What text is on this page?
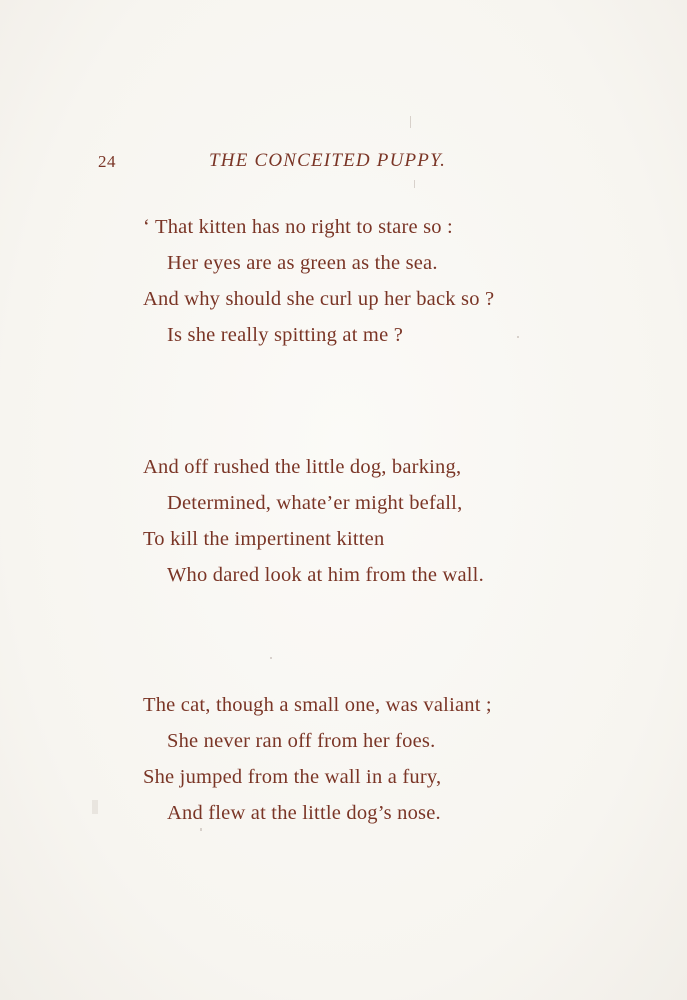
24	THE CONCEITED PUPPY.
‘ That kitten has no right to stare so :
Her eyes are as green as the sea.
And why should she curl up her back so ?
Is she really spitting at me ?
And off rushed the little dog, barking,
Determined, whate’er might befall,
To kill the impertinent kitten
Who dared look at him from the wall.
The cat, though a small one, was valiant ;
She never ran off from her foes.
She jumped from the wall in a fury,
And flew at the little dog’s nose.
